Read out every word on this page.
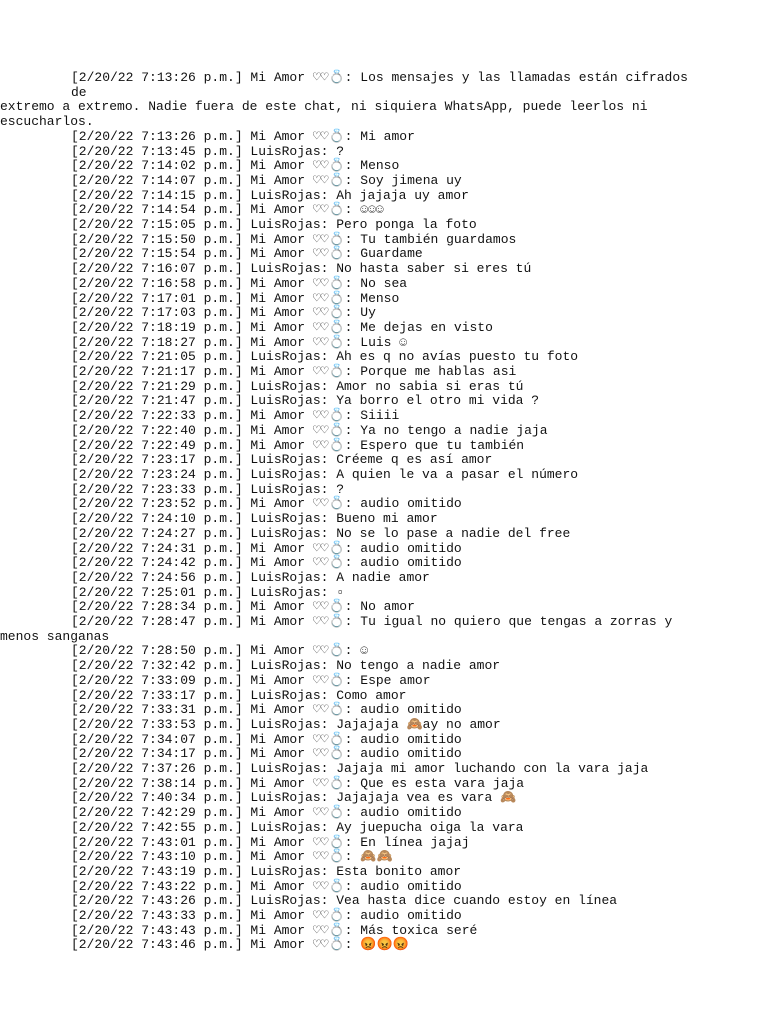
[2/20/22 7:13:26 p.m.] Mi Amor ♡♡💍: Los mensajes y las llamadas están cifrados de
extremo a extremo. Nadie fuera de este chat, ni siquiera WhatsApp, puede leerlos ni
escucharlos.
[2/20/22 7:13:26 p.m.] Mi Amor ♡♡💍: Mi amor
[2/20/22 7:13:45 p.m.] LuisRojas: ?
[2/20/22 7:14:02 p.m.] Mi Amor ♡♡💍: Menso
[2/20/22 7:14:07 p.m.] Mi Amor ♡♡💍: Soy jimena uy
[2/20/22 7:14:15 p.m.] LuisRojas: Ah jajaja uy amor
[2/20/22 7:14:54 p.m.] Mi Amor ♡♡💍: ☺☺☺
[2/20/22 7:15:05 p.m.] LuisRojas: Pero ponga la foto
[2/20/22 7:15:50 p.m.] Mi Amor ♡♡💍: Tu también guardamos
[2/20/22 7:15:54 p.m.] Mi Amor ♡♡💍: Guardame
[2/20/22 7:16:07 p.m.] LuisRojas: No hasta saber si eres tú
[2/20/22 7:16:58 p.m.] Mi Amor ♡♡💍: No sea
[2/20/22 7:17:01 p.m.] Mi Amor ♡♡💍: Menso
[2/20/22 7:17:03 p.m.] Mi Amor ♡♡💍: Uy
[2/20/22 7:18:19 p.m.] Mi Amor ♡♡💍: Me dejas en visto
[2/20/22 7:18:27 p.m.] Mi Amor ♡♡💍: Luis ☺
[2/20/22 7:21:05 p.m.] LuisRojas: Ah es q no avías puesto tu foto
[2/20/22 7:21:17 p.m.] Mi Amor ♡♡💍: Porque me hablas asi
[2/20/22 7:21:29 p.m.] LuisRojas: Amor no sabia si eras tú
[2/20/22 7:21:47 p.m.] LuisRojas: Ya borro el otro mi vida ?
[2/20/22 7:22:33 p.m.] Mi Amor ♡♡💍: Siiii
[2/20/22 7:22:40 p.m.] Mi Amor ♡♡💍: Ya no tengo a nadie jaja
[2/20/22 7:22:49 p.m.] Mi Amor ♡♡💍: Espero que tu también
[2/20/22 7:23:17 p.m.] LuisRojas: Créeme q es así amor
[2/20/22 7:23:24 p.m.] LuisRojas: A quien le va a pasar el número
[2/20/22 7:23:33 p.m.] LuisRojas: ?
[2/20/22 7:23:52 p.m.] Mi Amor ♡♡💍: audio omitido
[2/20/22 7:24:10 p.m.] LuisRojas: Bueno mi amor
[2/20/22 7:24:27 p.m.] LuisRojas: No se lo pase a nadie del free
[2/20/22 7:24:31 p.m.] Mi Amor ♡♡💍: audio omitido
[2/20/22 7:24:42 p.m.] Mi Amor ♡♡💍: audio omitido
[2/20/22 7:24:56 p.m.] LuisRojas: A nadie amor
[2/20/22 7:25:01 p.m.] LuisRojas: ▫
[2/20/22 7:28:34 p.m.] Mi Amor ♡♡💍: No amor
[2/20/22 7:28:47 p.m.] Mi Amor ♡♡💍: Tu igual no quiero que tengas a zorras y
menos sanganas
[2/20/22 7:28:50 p.m.] Mi Amor ♡♡💍: ☺
[2/20/22 7:32:42 p.m.] LuisRojas: No tengo a nadie amor
[2/20/22 7:33:09 p.m.] Mi Amor ♡♡💍: Espe amor
[2/20/22 7:33:17 p.m.] LuisRojas: Como amor
[2/20/22 7:33:31 p.m.] Mi Amor ♡♡💍: audio omitido
[2/20/22 7:33:53 p.m.] LuisRojas: Jajajaja 🙈ay no amor
[2/20/22 7:34:07 p.m.] Mi Amor ♡♡💍: audio omitido
[2/20/22 7:34:17 p.m.] Mi Amor ♡♡💍: audio omitido
[2/20/22 7:37:26 p.m.] LuisRojas: Jajaja mi amor luchando con la vara jaja
[2/20/22 7:38:14 p.m.] Mi Amor ♡♡💍: Que es esta vara jaja
[2/20/22 7:40:34 p.m.] LuisRojas: Jajajaja vea es vara 🙈
[2/20/22 7:42:29 p.m.] Mi Amor ♡♡💍: audio omitido
[2/20/22 7:42:55 p.m.] LuisRojas: Ay juepucha oiga la vara
[2/20/22 7:43:01 p.m.] Mi Amor ♡♡💍: En línea jajaj
[2/20/22 7:43:10 p.m.] Mi Amor ♡♡💍: 🙈🙈
[2/20/22 7:43:19 p.m.] LuisRojas: Esta bonito amor
[2/20/22 7:43:22 p.m.] Mi Amor ♡♡💍: audio omitido
[2/20/22 7:43:26 p.m.] LuisRojas: Vea hasta dice cuando estoy en línea
[2/20/22 7:43:33 p.m.] Mi Amor ♡♡💍: audio omitido
[2/20/22 7:43:43 p.m.] Mi Amor ♡♡💍: Más toxica seré
[2/20/22 7:43:46 p.m.] Mi Amor ♡♡💍: 😡😡😡
